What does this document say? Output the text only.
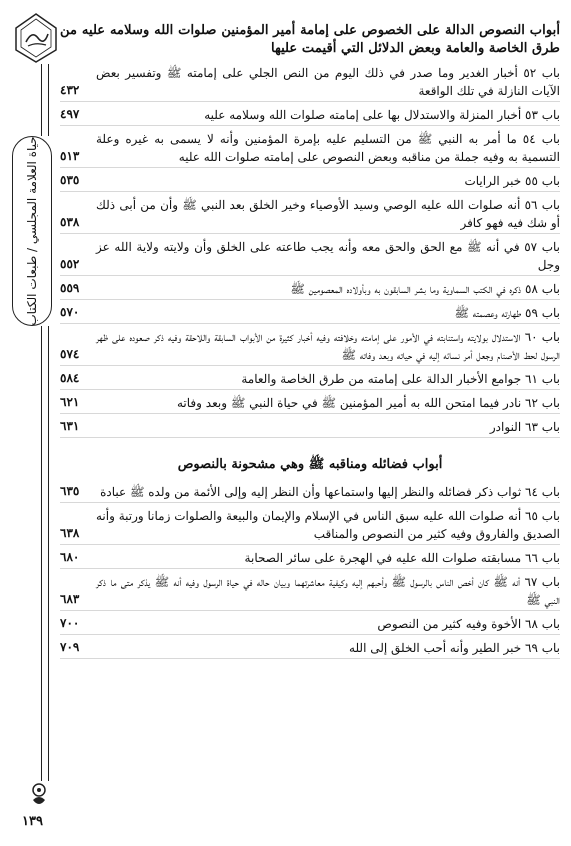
حياة العلامة المجلسي / طبعات الكتاب
١٣٩
أبواب النصوص الدالة على الخصوص على إمامة أمير المؤمنين صلوات الله وسلامه عليه من طرق الخاصة والعامة وبعض الدلائل التي أقيمت عليها
باب ٥٢ أخبار الغدير وما صدر في ذلك اليوم من النص الجلي على إمامته ﷺ وتفسير بعض الآيات النازلة في تلك الواقعة
٤٣٢
باب ٥٣ أخبار المنزلة والاستدلال بها على إمامته صلوات الله وسلامه عليه
٤٩٧
باب ٥٤ ما أمر به النبي ﷺ من التسليم عليه بإمرة المؤمنين وأنه لا يسمى به غيره وعلة التسمية به وفيه جملة من مناقبه وبعض النصوص على إمامته صلوات الله عليه
٥١٣
باب ٥٥ خبر الرايات
٥٣٥
باب ٥٦ أنه صلوات الله عليه الوصي وسيد الأوصياء وخير الخلق بعد النبي ﷺ وأن من أبى ذلك أو شك فيه فهو كافر
٥٣٨
باب ٥٧ في أنه ﷺ مع الحق والحق معه وأنه يجب طاعته على الخلق وأن ولايته ولاية الله عز وجل
٥٥٢
باب ٥٨ ذكره في الكتب السماوية وما بشر السابقون به وبأولاده المعصومين ﷺ
٥٥٩
باب ٥٩ طهارته وعصمته ﷺ
٥٧٠
باب ٦٠ الاستدلال بولايته واستنابته في الأمور على إمامته وخلافته وفيه أخبار كثيرة من الأبواب السابقة واللاحقة وفيه ذكر صعوده على ظهر الرسول لحط الأصنام وجعل أمر نسائه إليه في حياته وبعد وفاته ﷺ
٥٧٤
باب ٦١ جوامع الأخبار الدالة على إمامته من طرق الخاصة والعامة
٥٨٤
باب ٦٢ نادر فيما امتحن الله به أمير المؤمنين ﷺ في حياة النبي ﷺ وبعد وفاته
٦٢١
باب ٦٣ النوادر
٦٣١
أبواب فضائله ومناقبه ﷺ وهي مشحونة بالنصوص
باب ٦٤ ثواب ذكر فضائله والنظر إليها واستماعها وأن النظر إليه وإلى الأئمة من ولده ﷺ عبادة
٦٣٥
باب ٦٥ أنه صلوات الله عليه سبق الناس في الإسلام والإيمان والبيعة والصلوات زمانا ورتبة وأنه الصديق والفاروق وفيه كثير من النصوص والمناقب
٦٣٨
باب ٦٦ مسابقته صلوات الله عليه في الهجرة على سائر الصحابة
٦٨٠
باب ٦٧ أنه ﷺ كان أخص الناس بالرسول ﷺ وأحبهم إليه وكيفية معاشرتهما وبيان حاله في حياة الرسول وفيه أنه ﷺ يذكر متى ما ذكر النبي ﷺ
٦٨٣
باب ٦٨ الأخوة وفيه كثير من النصوص
٧٠٠
باب ٦٩ خبر الطير وأنه أحب الخلق إلى الله
٧٠٩
